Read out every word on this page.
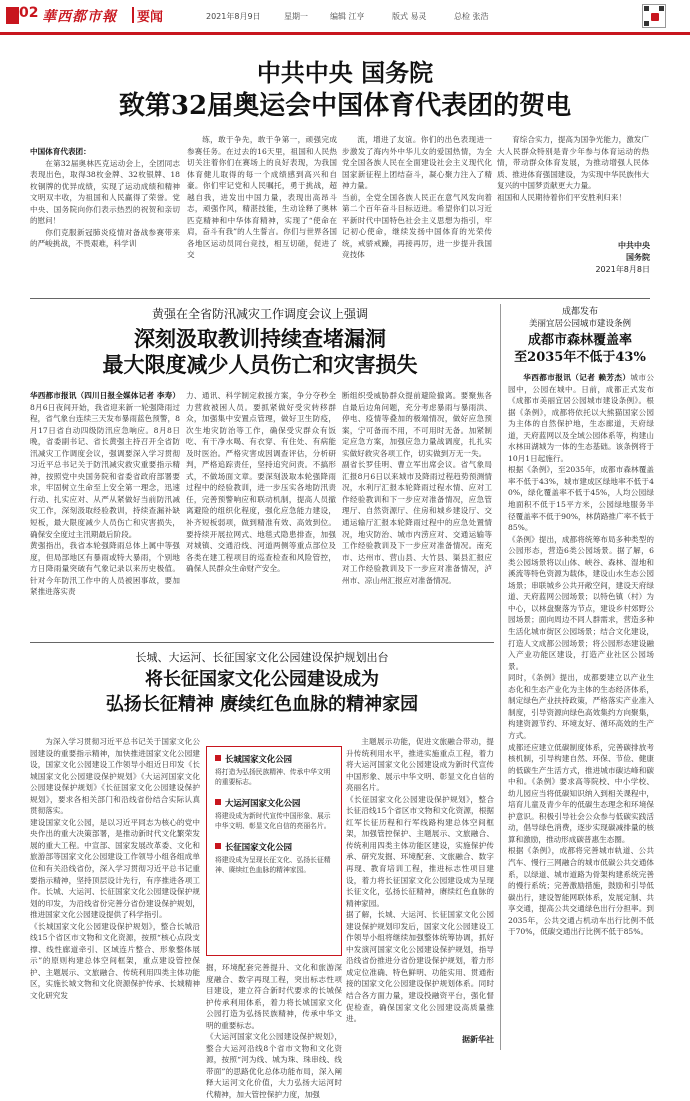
02 華西都市報 要闻	2021年8月9日	星期一	编辑 江亨	版式 易灵	总检 张浩
中共中央 国务院
致第32届奥运会中国体育代表团的贺电
中国体育代表团：

在第32届奥林匹克运动会上，全团同志表现出色，取得38枚金牌、32枚银牌、18枚铜牌的优异成绩，实现了运动成绩和精神文明双丰收，为祖国和人民赢得了荣誉。党中央、国务院向你们表示热烈的祝贺和亲切的慰问！

你们克服新冠肺炎疫情对备战参赛带来的严峻挑战，不畏艰难，科学训

练，敢于争先，敢于争第一，顽强完成参赛任务。在过去的16天里，祖国和人民热切关注着你们在赛场上的良好表现，为我国体育健儿取得的每一个成绩感到高兴和自豪。你们牢记党和人民嘱托，勇于挑战，超越自我，进发出中国力量，表现出高昂斗志，顽强作风，精湛技能，生动诠释了奥林匹克精神和中华体育精神，实现了“使命在肩，奋斗有我”的人生誓言。你们与世界各国各地区运动员同台竞技，相互切磋，促进了交

流，增进了友谊。你们的出色表现进一步激发了海内外中华儿女的爱国热情，为全党全国各族人民在全面建设社会主义现代化国家新征程上团结奋斗，凝心聚力注入了精神力量。
当前，全党全国各族人民正在意气风发向着第二个百年奋斗目标迈进。希望你们以习近平新时代中国特色社会主义思想为指引，牢记初心使命，继续发扬中国体育的光荣传统，戒骄戒躁，再接再厉，进一步提升我国竞技体
育综合实力，提高为国争光能力，激发广大人民群众特别是青少年参与体育运动的热情，带动群众体育发展，为推动增强人民体质、推进体育强国建设，为实现中华民族伟大复兴的中国梦贡献更大力量。
祖国和人民期待着你们平安胜利归来！
中共中央
国务院
2021年8月8日
黄强在全省防汛减灾工作调度会议上强调
深刻汲取教训持续查堵漏洞
最大限度减少人员伤亡和灾害损失
华西都市报讯（四川日报全媒体记者 李寿）8月6日夜间开始，我省迎来新一轮强降雨过程，省气象台连续三天发布暴雨蓝色预警，8月17日省自动四级防汛应急响应。8月8日晚，省委副书记、省长黄强主持召开全省防汛减灾工作调度会议，强调要深入学习贯彻习近平总书记关于防汛减灾救灾重要指示精神，按照党中央国务院和省委省政府部署要求，牢固树立生命至上安全第一理念，迅速行动、扎实应对、从严从紧做好当前防汛减灾工作，深刻汲取经验教训，持续查漏补缺短板，最大限度减少人员伤亡和灾害损失，确保安全度过主汛期最后阶段。
黄强指出，我省本轮强降雨总体上属中等强度，但局部地区有暴雨或特大暴雨，个别地方日降雨量突破有气象记录以来历史极值。针对今年防汛工作中的人员被困事故，要加紧推进落实责
力、通讯、科学制定救援方案，争分夺秒全力营救被困人员。要抓紧做好受灾转移群众，加强集中安置点管理，做好卫生防疫，次生地灾防治等工作，确保受灾群众有饭吃、有干净水喝、有衣穿、有住处、有病能及时医治。严格灾害成因调查评估，分析研判，严格追踪责任，坚持追究问责。不搞形式，不做场面文章。要深刻汲取本轮强降雨过程中的经验教训，进一步压实各地防汛责任，完善预警响应和联动机制，提高人员撤离避险的组织化程度，强化应急能力建设，补齐短板弱项，做到精准有效、高效到位。要持续开展拉网式、地毯式隐患排查，加强对城镇、交通沿线、河道两侧等重点部位及各类在建工程项目的巡查检查和风险管控，确保人民群众生命财产安全。
断组织受威胁群众提前避险撤离。要聚焦各自最后边角问题，充分考虑暴雨与暴雨洪、停电、疫情等叠加的极端情况，做好应急预案，宁可备而不用，不可用时无备。加紧制定应急方案，加强应急力量战调度，扎扎实实做好救灾各项工作，切实做到万无一失。
副省长罗佳明、曹立军出席会议。省气象局汇报8月6日以来城市及降雨过程趋势预测情况，水利厅汇报本轮降雨过程水情、应对工作经验教训和下一步应对准备情况，应急管理厅、自然资源厅、住房和城乡建设厅、交通运输厅汇报本轮降雨过程中的应急处置情况，地灾防治、城市内涝应对、交通运输等工作经验教训及下一步应对准备情况。南充市、达州市、营山县、大竹县、渠县汇报应对工作经验教训及下一步应对准备情况，泸州市、凉山州汇报应对准备情况。
成都发布
美丽宜居公园城市建设条例
成都市森林覆盖率
至2035年不低于43%
华西都市报讯（记者 赖芳杰）城市公园中，公园在城中。日前，成都正式发布《成都市美丽宜居公园城市建设条例》。根据《条例》，成都将依托以大熊猫国家公园为主体的自然保护地，生态廊道，天府绿道，天府蓝网以及全域公园体系等，构建山水林田湖城为一体的生态基础。该条例将于10月1日起施行。
根据《条例》，至2035年，成都市森林覆盖率不低于43%，城市建成区绿地率不低于40%，绿化覆盖率不低于45%，人均公园绿地面积不低于15平方米，公园绿地服务半径覆盖率不低于90%，林荫路推广率不低于85%。
《条例》提出，成都将统筹布局多种类型的公园形态，营造6类公园场景。据了解，6类公园场景将以山体、峡谷、森林、湿地和溪流等特色资源为载体，建设山水生态公园场景；串联城乡公共开敞空间，建设天府绿道、天府蓝网公园场景；以特色镇（村）为中心，以林盘聚落为节点，建设乡村郊野公园场景；面向周边不同人群需求，营造多种生活化城市街区公园场景；结合文化建设，打造人文成都公园场景；将公园形态建设融入产业功能区建设，打造产业社区公园场景。
同时，《条例》提出，成都要建立以产业生态化和生态产业化为主体的生态经济体系，制定绿色产业扶持政策，严格落实产业准入制度，引导资源向绿色高效集约方向聚集，构建资源节约、环境友好、循环高效的生产方式。
成都还应建立低碳制度体系，完善碳排放考核机制，引导构建自然、环保、节俭、健康的低碳生产生活方式，推进城市碳达峰和碳中和。《条例》要求高等院校、中小学校、幼儿园应当将低碳知识纳入到相关课程中，培育儿童及青少年的低碳生态理念和环境保护意识。积极引导社会公众参与低碳实践活动，倡导绿色消费，逐步实现碳减排量的核算和激励，推动形成碳普惠生态圈。
根据《条例》，成都将完善城市轨道、公共汽车、慢行三网融合的城市低碳公共交通体系，以绿道、城市道路为骨架构建系统完善的慢行系统；完善激励措施，鼓励和引导低碳出行，建设智能网联体系，发展定制、共享交通，提高公共交通绿色出行分担率。到2035年，公共交通占机动车出行比例不低于70%，低碳交通出行比例不低于85%。
长城、大运河、长征国家文化公园建设保护规划出台
将长征国家文化公园建设成为
弘扬长征精神 赓续红色血脉的精神家园
为深入学习贯彻习近平总书记关于国家文化公园建设的重要指示精神，加快推进国家文化公园建设，国家文化公园建设工作领导小组近日印发《长城国家文化公园建设保护规划》《大运河国家文化公园建设保护规划》《长征国家文化公园建设保护规划》，要求各相关部门和沿线省份结合实际认真贯彻落实。
建设国家文化公园，是以习近平同志为核心的党中央作出的重大决策部署，是推动新时代文化繁荣发展的重大工程。中宣部、国家发展改革委、文化和旅游部等国家文化公园建设工作领导小组各组成单位和有关沿线省份，深入学习贯彻习近平总书记重要指示精神，坚持顶层设计先行，有序推进各项工作。长城、大运河、长征国家文化公园建设保护规划的印发，为沿线省份完善分省份建设保护规划，推进国家文化公园建设提供了科学指引。
《长城国家文化公园建设保护规划》，整合长城沿线15个省区市文物和文化资源，按照“核心点段支撑、线性廊道牵引、区域连片整合、形象整体展示”的原则构建总体空间框架，重点建设管控保护、主题展示、文旅融合、传统利用四类主体功能区，实施长城文物和文化资源保护传承、长城精神文化研究发
长城国家文化公园
将打造为弘扬民族精神、传承中华文明的重要标志。
大运河国家文化公园
将建设成为新时代宣传中国形象、展示中华文明、彰显文化自信的亮丽名片。
长征国家文化公园
将建设成为呈现长征文化、弘扬长征精神、赓续红色血脉的精神家园。
掘，环境配套完善提升、文化和旅游深度融合、数字再现工程，突出标志性项目建设，建立符合新时代要求的长城保护传承利用体系，着力将长城国家文化公园打造为弘扬民族精神，传承中华文明的重要标志。
《大运河国家文化公园建设保护规划》，整合大运河沿线8个省市文物和文化资源，按照“河为线、城为珠、珠串线、线带面”的思路优化总体功能布局，深入阐释大运河文化价值，大力弘扬大运河时代精神，加大管控保护力度，加强
主题展示功能，促进文旅融合带动，提升传统利用水平，推进实施重点工程，着力将大运河国家文化公园建设成为新时代宣传中国形象、展示中华文明、彰显文化自信的亮丽名片。
《长征国家文化公园建设保护规划》，整合长征沿线15个省区市文物和文化资源，根据红军长征历程和行军线路构建总体空间框架，加强管控保护、主题展示、文旅融合、传统利用四类主体功能区建设，实施保护传承、研究发掘、环境配套、文旅融合、数字再现、教育培训工程，推进标志性项目建设，着力将长征国家文化公园建设成为呈现长征文化，弘扬长征精神，赓续红色血脉的精神家园。
据了解，长城、大运河、长征国家文化公园建设保护规划印发后，国家文化公园建设工作领导小组将继续加强整体统筹协调，抓好中发演河国家文化公园建设保护规划，指导沿线省份推进分省份建设保护规划，着力形成定位准确、特色鲜明、功能实用、贯通衔接的国家文化公园建设保护规划体系。同时结合各方面力量，建设投融资平台，强化督促检查，确保国家文化公园建设高质量推进。
据新华社
